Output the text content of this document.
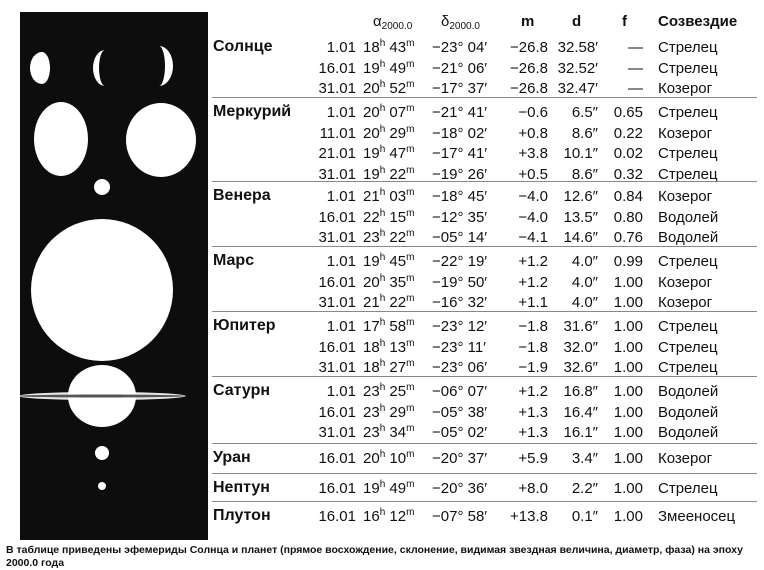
$\alpha_{2000.0}$ $\delta_{2000.0}$	m	d	f Созвездие
Солнце	1.01 18$^h$ $43^m -23^\circ$ 04′	−26.8 32.58′	— Стрелец
16.01 19$^h$ $49^m -21^\circ$ 06′	−26.8 32.52′	— Стрелец
31.01 20$^h$ $52^m -17^\circ$ 37′	−26.8 32.47′	— Козерог
Меркурий	1.01 20$^h$ $07^m -21^\circ$ 41′	−0.6	6.5″	0.65 Стрелец
11.01 20$^h$ $29^m -18^\circ$ 02′	+0.8	8.6″	0.22 Козерог
21.01 19$^h$ $47^m -17^\circ$ 41′	+3.8	10.1″	0.02 Стрелец
31.01 19$^h$ $22^m -19^\circ$ 26′	+0.5	8.6″	0.32 Стрелец
Венера	1.01 21$^h$ $03^m -18^\circ$ 45′	−4.0	12.6″	0.84 Козерог
16.01 22$^h$ $15^m -12^\circ$ 35′	−4.0	13.5″	0.80 Водолей
31.01 23$^h$ $22^m -05^\circ$ 14′	−4.1	14.6″	0.76 Водолей
Марс	1.01 19$^h$ $45^m -22^\circ$ 19′	+1.2	4.0″	0.99 Стрелец
16.01 20$^h$ $35^m -19^\circ$ 50′	+1.2	4.0″	1.00 Козерог
31.01 21$^h$ $22^m -16^\circ$ 32′	+1.1	4.0″	1.00 Козерог
Юпитер	1.01 17$^h$ $58^m -23^\circ$ 12′	−1.8	31.6″	1.00 Стрелец
16.01 18$^h$ $13^m -23^\circ$ 11′	−1.8	32.0″	1.00 Стрелец
31.01 18$^h$ $27^m -23^\circ$ 06′	−1.9	32.6″	1.00 Стрелец
Сатурн	1.01 23$^h$ $25^m -06^\circ$ 07′	+1.2	16.8″	1.00 Водолей
16.01 23$^h$ $29^m -05^\circ$ 38′	+1.3	16.4″	1.00 Водолей
31.01 23$^h$ $34^m -05^\circ$ 02′	+1.3	16.1″	1.00 Водолей
Уран	16.01 20$^h$ $10^m -20^\circ$ 37′	+5.9	3.4″	1.00 Козерог
Нептун	16.01 19$^h$ $49^m -20^\circ$ 36′	+8.0	2.2″	1.00 Стрелец
Плутон	16.01 16$^h$ $12^m -07^\circ$ 58′	+13.8	0.1″	1.00 Змееносец
В таблице приведены эфемериды Солнца и планет (прямое восхождение, склонение, видимая звездная величина, диаметр, фаза) на эпоху 2000.0 года
